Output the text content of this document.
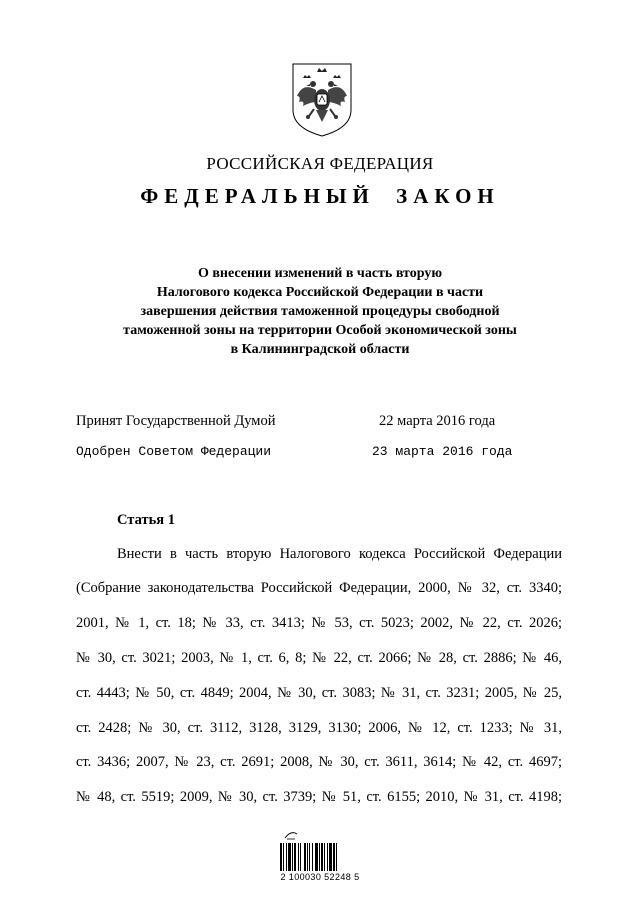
РОССИЙСКАЯ ФЕДЕРАЦИЯ
ФЕДЕРАЛЬНЫЙ ЗАКОН
О внесении изменений в часть вторую
Налогового кодекса Российской Федерации в части
завершения действия таможенной процедуры свободной
таможенной зоны на территории Особой экономической зоны
в Калининградской области
Принят Государственной Думой	22 марта 2016 года
Одобрен Советом Федерации	23 марта 2016 года
Статья 1
Внести в часть вторую Налогового кодекса Российской Федерации
(Собрание законодательства Российской Федерации, 2000, № 32, ст. 3340;
2001, № 1, ст. 18; № 33, ст. 3413; № 53, ст. 5023; 2002, № 22, ст. 2026;
№ 30, ст. 3021; 2003, № 1, ст. 6, 8; № 22, ст. 2066; № 28, ст. 2886; № 46,
ст. 4443; № 50, ст. 4849; 2004, № 30, ст. 3083; № 31, ст. 3231; 2005, № 25,
ст. 2428; № 30, ст. 3112, 3128, 3129, 3130; 2006, № 12, ст. 1233; № 31,
ст. 3436; 2007, № 23, ст. 2691; 2008, № 30, ст. 3611, 3614; № 42, ст. 4697;
№ 48, ст. 5519; 2009, № 30, ст. 3739; № 51, ст. 6155; 2010, № 31, ст. 4198;
2 100030 52248 5
